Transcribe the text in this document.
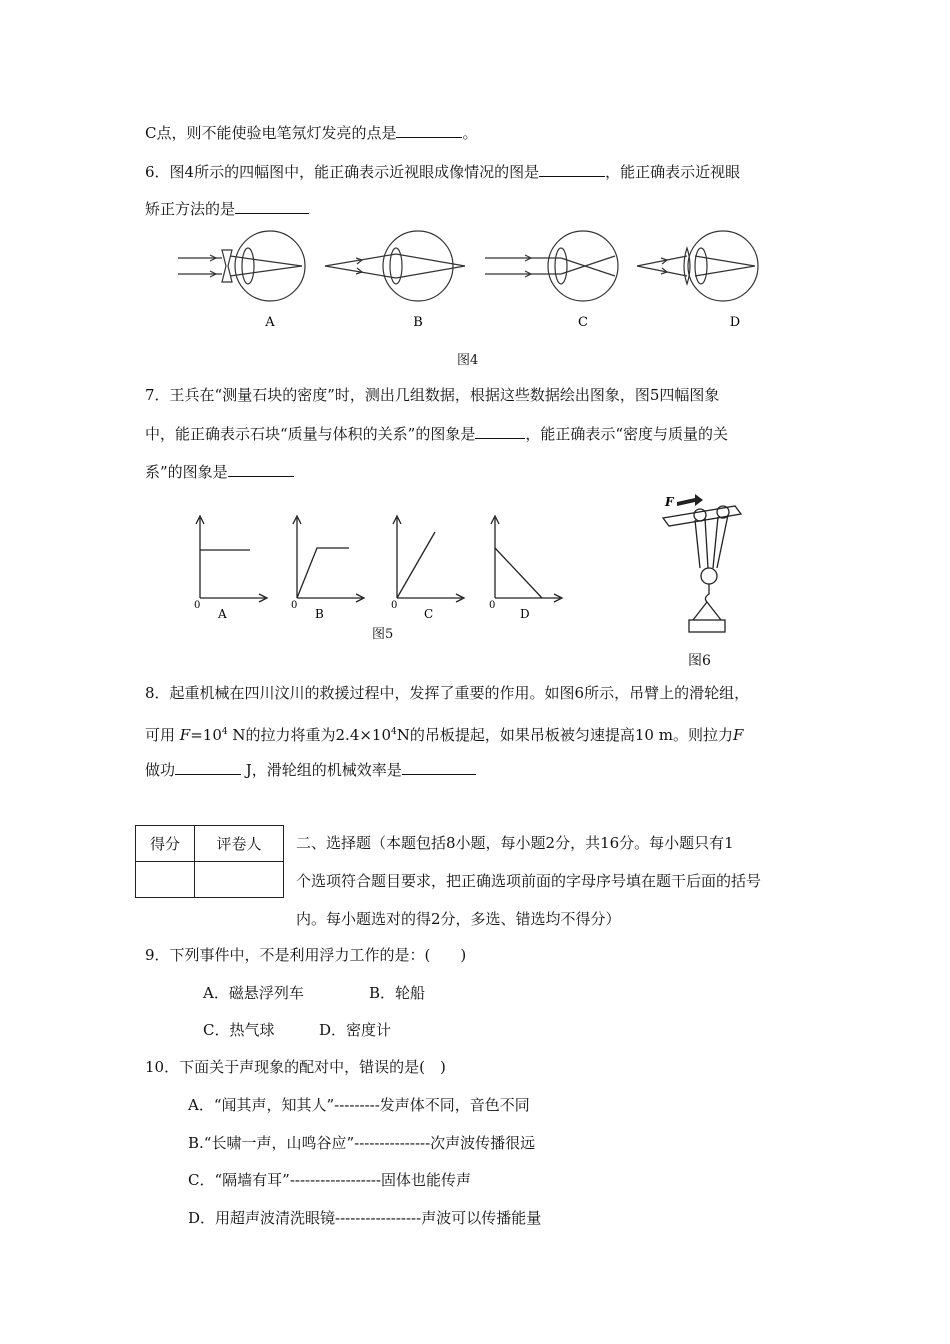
C点，则不能使验电笔氖灯发亮的点是	。
6．图4所示的四幅图中，能正确表示近视眼成像情况的图是	，能正确表示近视眼
矫正方法的是
A	B	C	D
图4
7．王兵在“测量石块的密度”时，测出几组数据，根据这些数据绘出图象，图5四幅图象
中，能正确表示石块“质量与体积的关系”的图象是	，能正确表示“密度与质量的关
系”的图象是
0	0	0	0
A	B	C	D
图5
F
图6
8．起重机械在四川汶川的救援过程中，发挥了重要的作用。如图6所示，吊臂上的滑轮组，
可用 $F=10^4$ N的拉力将重为$2.4\times 10^4N$的吊板提起，如果吊板被匀速提高10 m。则拉力F
做功	J，滑轮组的机械效率是
得分	评卷人
	二、选择题（本题包括8小题，每小题2分，共16分。每小题只有1
个选项符合题目要求，把正确选项前面的字母序号填在题干后面的括号
内。每小题选对的得2分，多选、错选均不得分）
9．下列事件中，不是利用浮力工作的是：(　　)
A．磁悬浮列车	B．轮船
C．热气球	D．密度计
10．下面关于声现象的配对中，错误的是(　)
A．“闻其声，知其人”---------发声体不同，音色不同
B.“长啸一声，山鸣谷应”---------------次声波传播很远
C．“隔墙有耳”------------------固体也能传声
D．用超声波清洗眼镜-----------------声波可以传播能量
